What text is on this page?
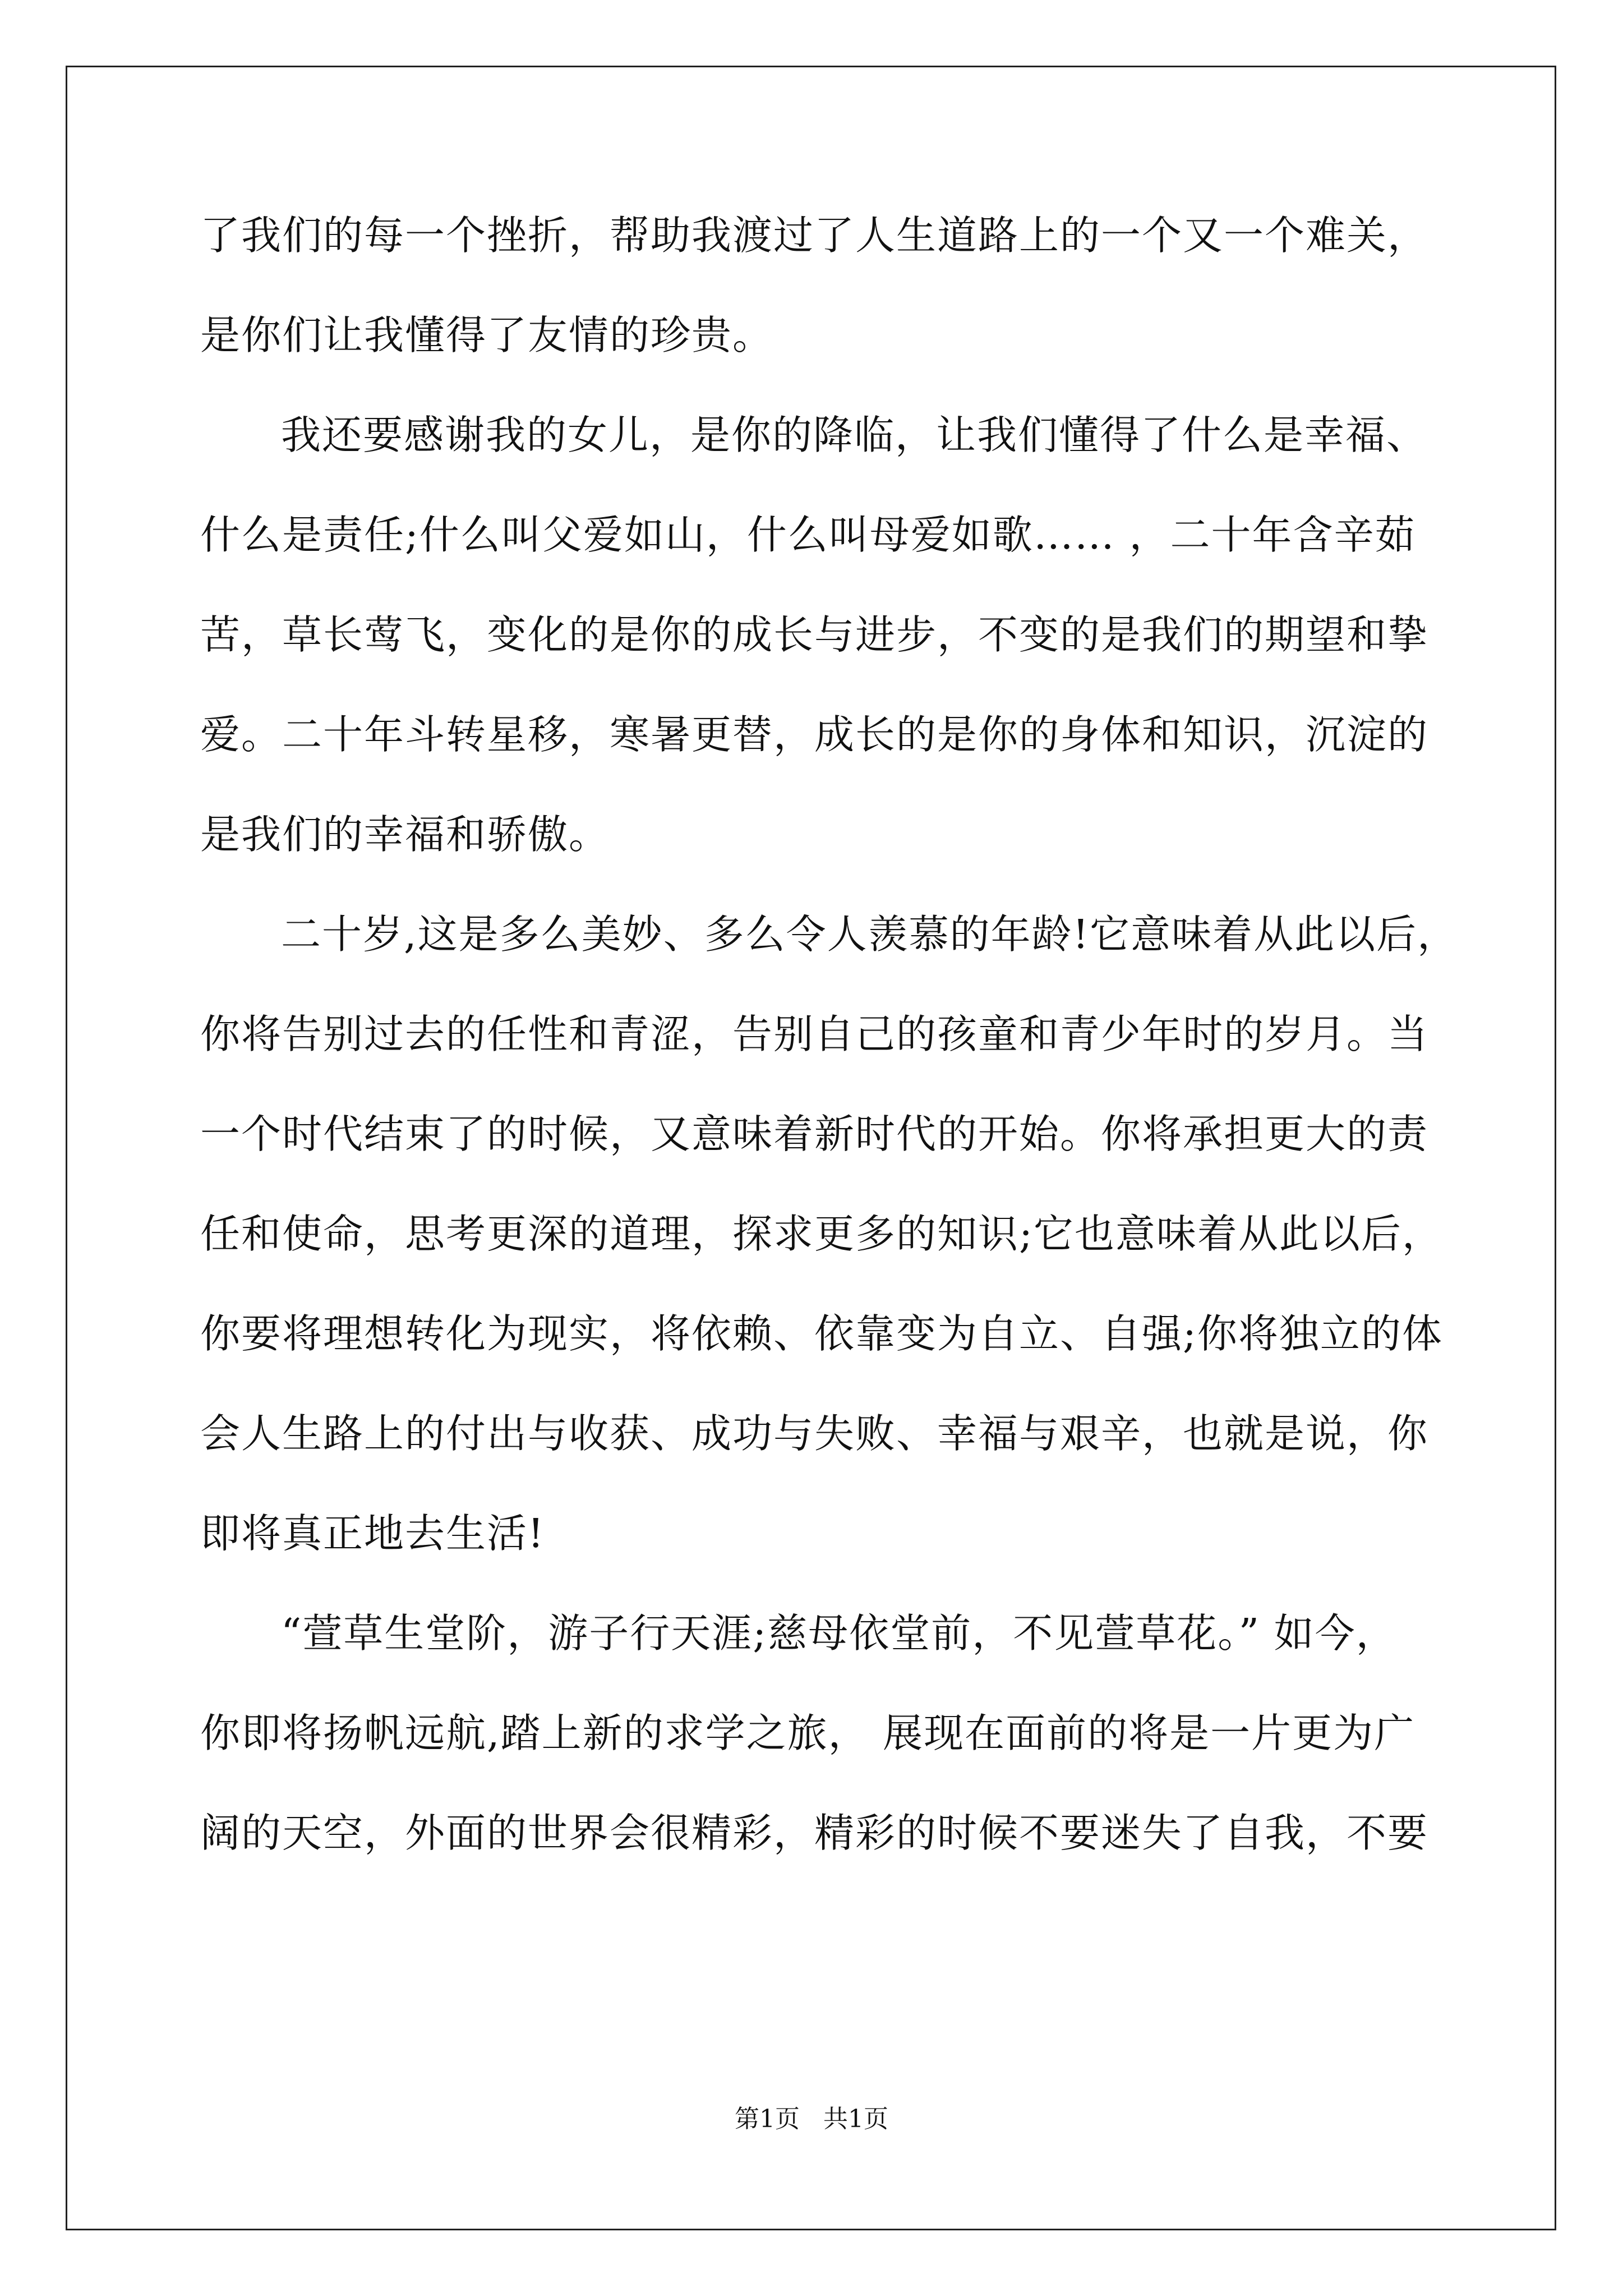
了我们的每一个挫折，帮助我渡过了人生道路上的一个又一个难关，
是你们让我懂得了友情的珍贵。
我还要感谢我的女儿，是你的降临，让我们懂得了什么是幸福、
什么是责任;什么叫父爱如山，什么叫母爱如歌…… ，二十年含辛茹
苦，草长莺飞，变化的是你的成长与进步，不变的是我们的期望和挚
爱。二十年斗转星移，寒暑更替，成长的是你的身体和知识，沉淀的
是我们的幸福和骄傲。
二十岁,这是多么美妙、多么令人羡慕的年龄!它意味着从此以后，
你将告别过去的任性和青涩，告别自己的孩童和青少年时的岁月。当
一个时代结束了的时候，又意味着新时代的开始。你将承担更大的责
任和使命，思考更深的道理，探求更多的知识;它也意味着从此以后，
你要将理想转化为现实，将依赖、依靠变为自立、自强;你将独立的体
会人生路上的付出与收获、成功与失败、幸福与艰辛，也就是说，你
即将真正地去生活!
“萱草生堂阶，游子行天涯;慈母依堂前，不见萱草花。” 如今，
你即将扬帆远航,踏上新的求学之旅， 展现在面前的将是一片更为广
阔的天空，外面的世界会很精彩，精彩的时候不要迷失了自我，不要
第1页   共1页
